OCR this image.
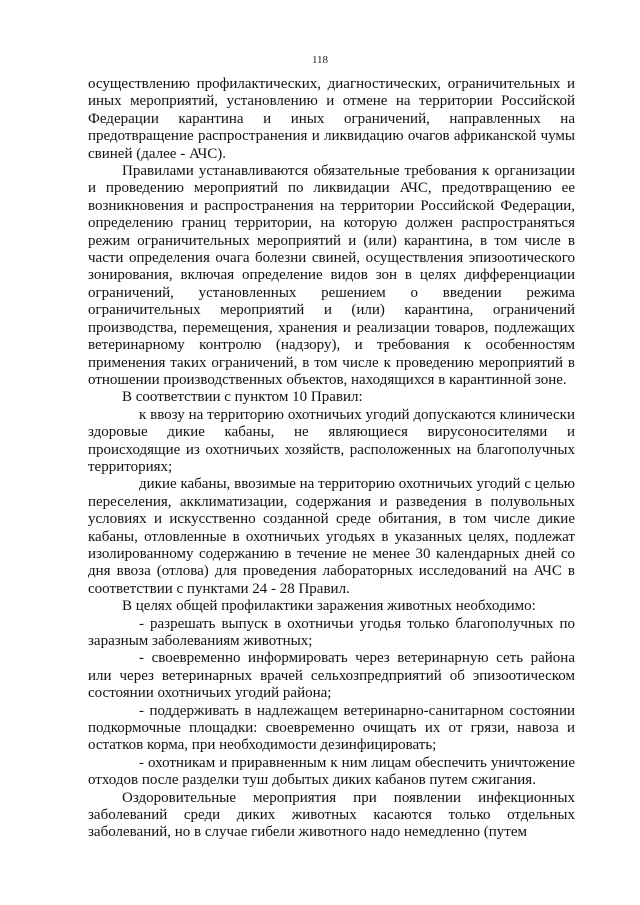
118

осуществлению профилактических, диагностических, ограничительных и иных мероприятий, установлению и отмене на территории Российской Федерации карантина и иных ограничений, направленных на предотвращение распространения и ликвидацию очагов африканской чумы свиней (далее - АЧС).

Правилами устанавливаются обязательные требования к организации и проведению мероприятий по ликвидации АЧС, предотвращению ее возникновения и распространения на территории Российской Федерации, определению границ территории, на которую должен распространяться режим ограничительных мероприятий и (или) карантина, в том числе в части определения очага болезни свиней, осуществления эпизоотического зонирования, включая определение видов зон в целях дифференциации ограничений, установленных решением о введении режима ограничительных мероприятий и (или) карантина, ограничений производства, перемещения, хранения и реализации товаров, подлежащих ветеринарному контролю (надзору), и требования к особенностям применения таких ограничений, в том числе к проведению мероприятий в отношении производственных объектов, находящихся в карантинной зоне.

В соответствии с пунктом 10 Правил:

к ввозу на территорию охотничьих угодий допускаются клинически здоровые дикие кабаны, не являющиеся вирусоносителями и происходящие из охотничьих хозяйств, расположенных на благополучных территориях;

дикие кабаны, ввозимые на территорию охотничьих угодий с целью переселения, акклиматизации, содержания и разведения в полувольных условиях и искусственно созданной среде обитания, в том числе дикие кабаны, отловленные в охотничьих угодьях в указанных целях, подлежат изолированному содержанию в течение не менее 30 календарных дней со дня ввоза (отлова) для проведения лабораторных исследований на АЧС в соответствии с пунктами 24 - 28 Правил.

В целях общей профилактики заражения животных необходимо:

- разрешать выпуск в охотничьи угодья только благополучных по заразным заболеваниям животных;

- своевременно информировать через ветеринарную сеть района или через ветеринарных врачей сельхозпредприятий об эпизоотическом состоянии охотничьих угодий района;

- поддерживать в надлежащем ветеринарно-санитарном состоянии подкормочные площадки: своевременно очищать их от грязи, навоза и остатков корма, при необходимости дезинфицировать;

- охотникам и приравненным к ним лицам обеспечить уничтожение отходов после разделки туш добытых диких кабанов путем сжигания.

Оздоровительные мероприятия при появлении инфекционных заболеваний среди диких животных касаются только отдельных заболеваний, но в случае гибели животного надо немедленно (путем
